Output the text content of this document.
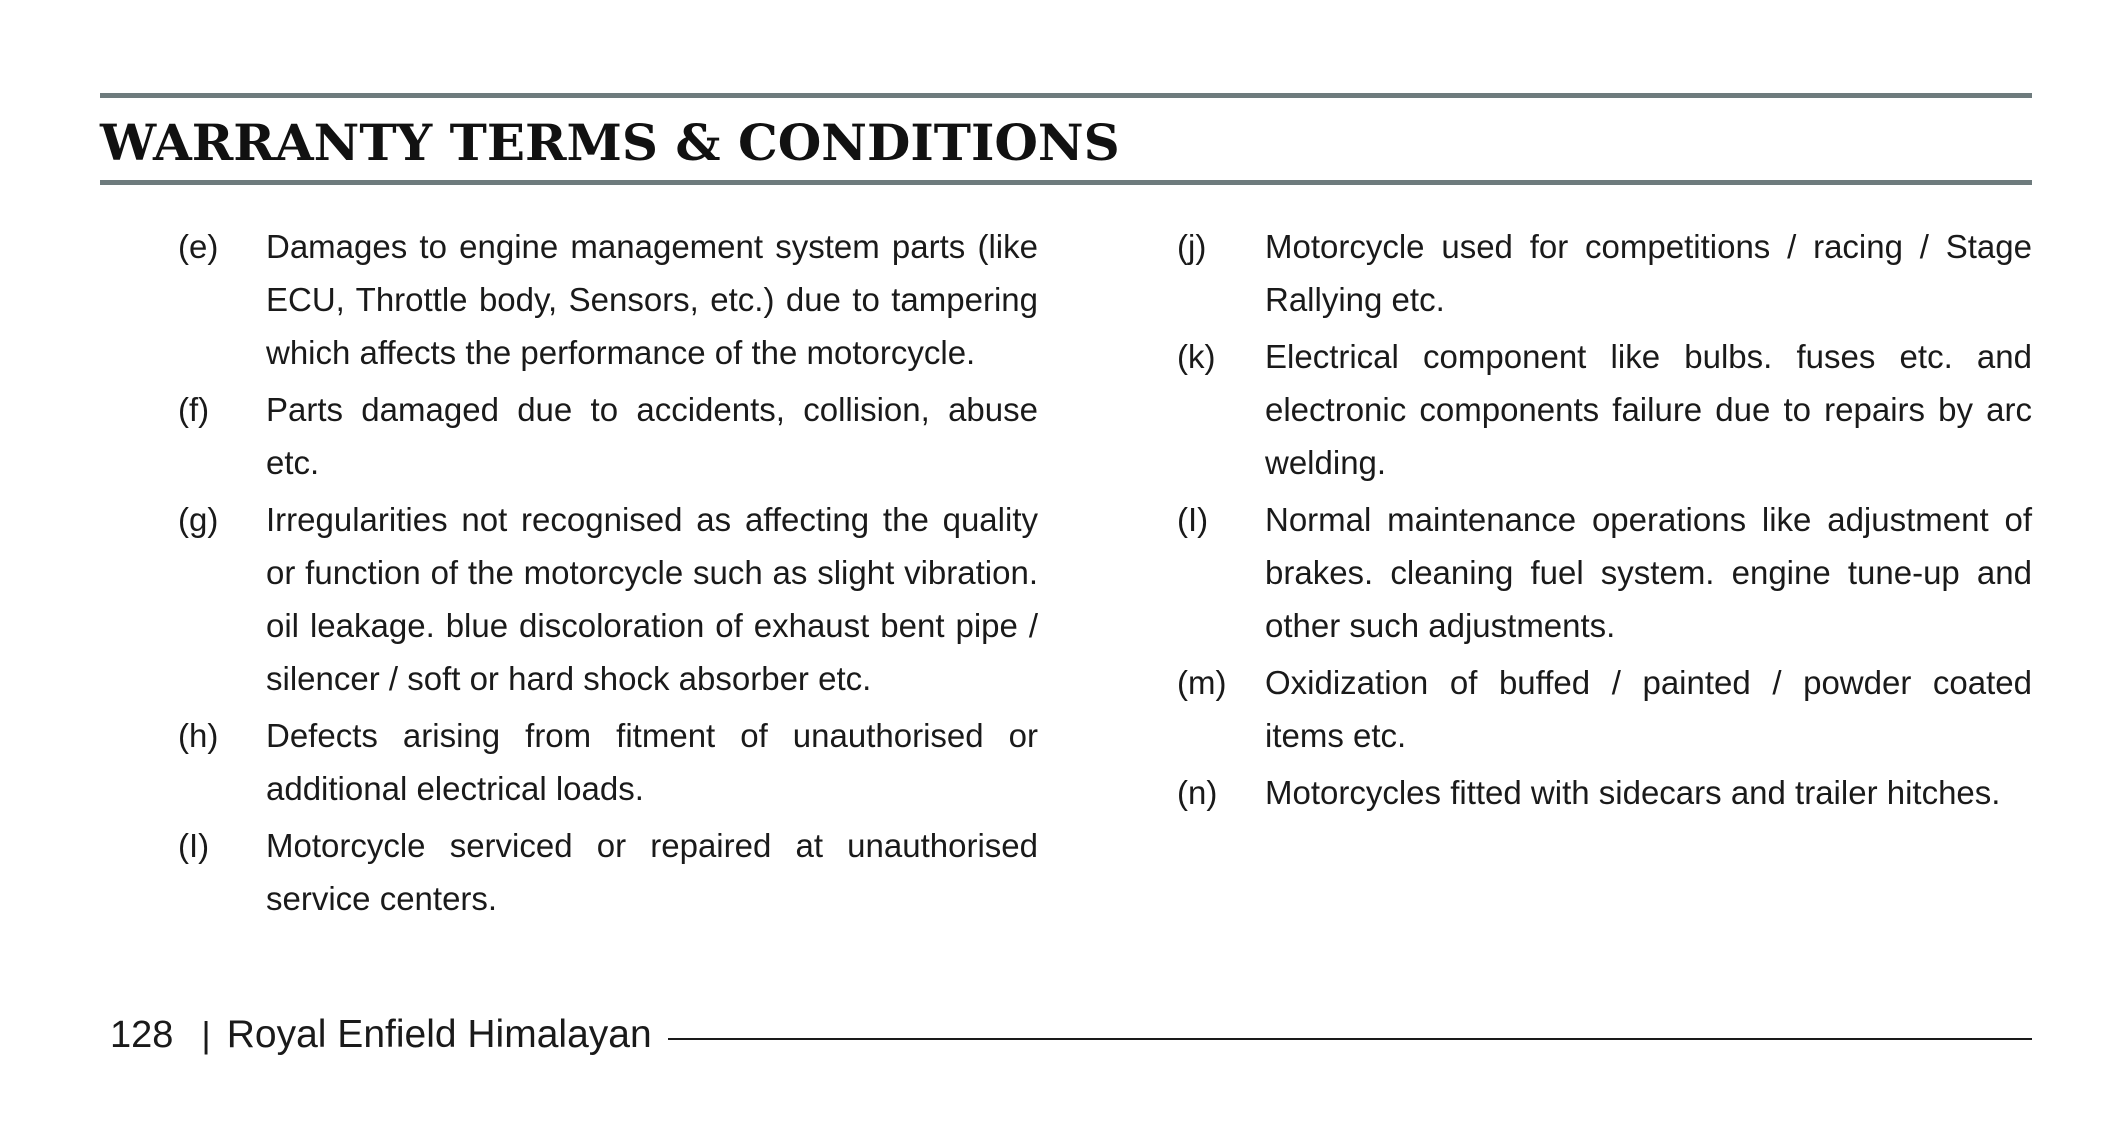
WARRANTY TERMS & CONDITIONS
(e)	Damages to engine management system parts (like ECU, Throttle body, Sensors, etc.) due to tampering which affects the performance of the motorcycle.
(f)	Parts damaged due to accidents, collision, abuse etc.
(g)	Irregularities not recognised as affecting the quality or function of the motorcycle such as slight vibration. oil leakage. blue discoloration of exhaust bent pipe / silencer / soft or hard shock absorber etc.
(h)	Defects arising from fitment of unauthorised or additional electrical loads.
(I)	Motorcycle serviced or repaired at unauthorised service centers.
(j)	Motorcycle used for competitions / racing / Stage Rallying etc.
(k)	Electrical component like bulbs. fuses etc. and electronic components failure due to repairs by arc welding.
(I)	Normal maintenance operations like adjustment of brakes. cleaning fuel system. engine tune-up and other such adjustments.
(m)	Oxidization of buffed / painted / powder coated items etc.
(n)	Motorcycles fitted with sidecars and trailer hitches.
128 | Royal Enfield Himalayan
